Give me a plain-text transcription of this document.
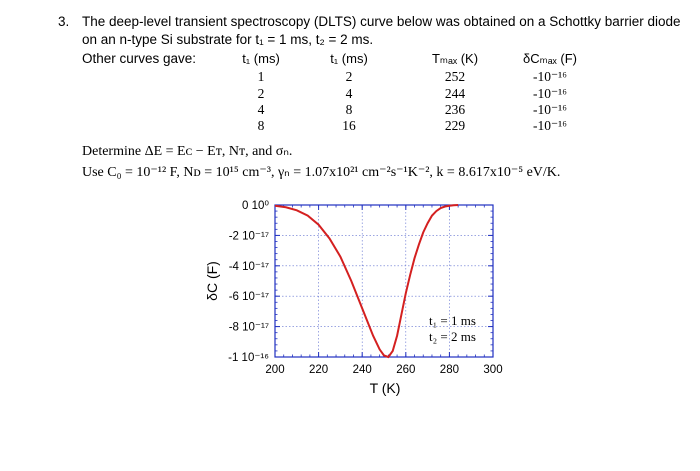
3. The deep-level transient spectroscopy (DLTS) curve below was obtained on a Schottky barrier diode
on an n-type Si substrate for t₁ = 1 ms, t₂ = 2 ms.
Other curves gave:	t₁ (ms)	t₁ (ms)	Tₘₐₓ (K)	δCₘₐₓ (F)
1	2	252	-10⁻¹⁶
2	4	244	-10⁻¹⁶
4	8	236	-10⁻¹⁶
8	16	229	-10⁻¹⁶
Determine ΔE = Eᴄ − Eᴛ, Nᴛ, and σₙ.
Use C₀ = 10⁻¹² F, Nᴅ = 10¹⁵ cm⁻³, γₙ = 1.07x10²¹ cm⁻²s⁻¹K⁻², k = 8.617x10⁻⁵ eV/K.
200 220 240 260 280 300
0 10⁰
-2 10⁻¹⁷
-4 10⁻¹⁷
-6 10⁻¹⁷
-8 10⁻¹⁷
-1 10⁻¹⁶
T (K)
δC (F)
t₁ = 1 ms
t₂ = 2 ms
